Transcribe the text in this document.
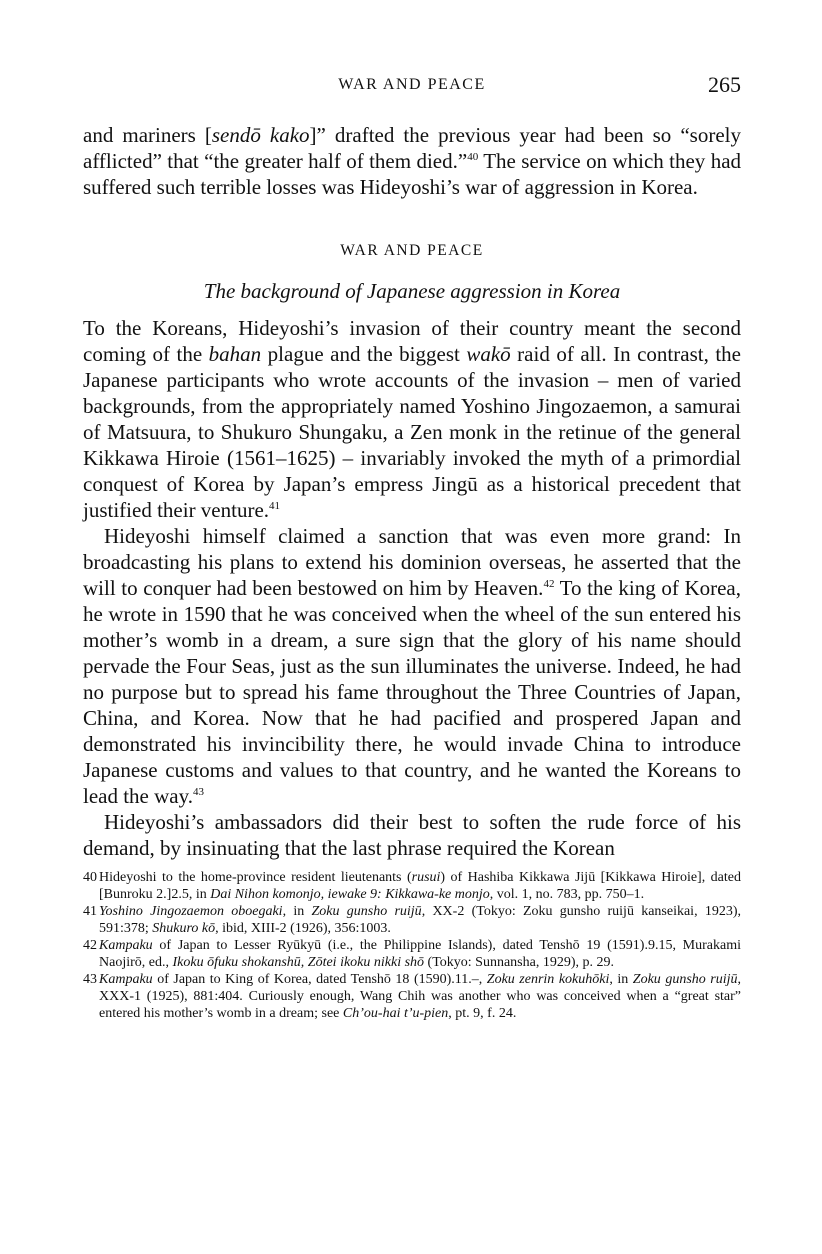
WAR AND PEACE	265

and mariners [sendō kako]” drafted the previous year had been so “sorely afflicted” that “the greater half of them died.”$^{40}$ The service on which they had suffered such terrible losses was Hideyoshi’s war of aggression in Korea.

WAR AND PEACE
The background of Japanese aggression in Korea

To the Koreans, Hideyoshi’s invasion of their country meant the second coming of the bahan plague and the biggest wakō raid of all. In contrast, the Japanese participants who wrote accounts of the invasion – men of varied backgrounds, from the appropriately named Yoshino Jingozaemon, a samurai of Matsuura, to Shukuro Shungaku, a Zen monk in the retinue of the general Kikkawa Hiroie (1561–1625) – invariably invoked the myth of a primordial conquest of Korea by Japan’s empress Jingū as a historical precedent that justified their venture.$^{41}$

Hideyoshi himself claimed a sanction that was even more grand: In broadcasting his plans to extend his dominion overseas, he asserted that the will to conquer had been bestowed on him by Heaven.$^{42}$ To the king of Korea, he wrote in 1590 that he was conceived when the wheel of the sun entered his mother’s womb in a dream, a sure sign that the glory of his name should pervade the Four Seas, just as the sun illuminates the universe. Indeed, he had no purpose but to spread his fame throughout the Three Countries of Japan, China, and Korea. Now that he had pacified and prospered Japan and demonstrated his invincibility there, he would invade China to introduce Japanese customs and values to that country, and he wanted the Koreans to lead the way.$^{43}$

Hideyoshi’s ambassadors did their best to soften the rude force of his demand, by insinuating that the last phrase required the Korean

40 Hideyoshi to the home-province resident lieutenants (rusui) of Hashiba Kikkawa Jijū [Kikkawa Hiroie], dated [Bunroku 2.]2.5, in Dai Nihon komonjo, iewake 9: Kikkawa-ke monjo, vol. 1, no. 783, pp. 750–1.
41 Yoshino Jingozaemon oboegaki, in Zoku gunsho ruijū, XX-2 (Tokyo: Zoku gunsho ruijū kanseikai, 1923), 591:378; Shukuro kō, ibid, XIII-2 (1926), 356:1003.
42 Kampaku of Japan to Lesser Ryūkyū (i.e., the Philippine Islands), dated Tenshō 19 (1591).9.15, Murakami Naojirō, ed., Ikoku ōfuku shokanshū, Zōtei ikoku nikki shō (Tokyo: Sunnansha, 1929), p. 29.
43 Kampaku of Japan to King of Korea, dated Tenshō 18 (1590).11.–, Zoku zenrin kokuhōki, in Zoku gunsho ruijū, XXX-1 (1925), 881:404. Curiously enough, Wang Chih was another who was conceived when a “great star” entered his mother’s womb in a dream; see Ch’ou-hai t’u-pien, pt. 9, f. 24.
